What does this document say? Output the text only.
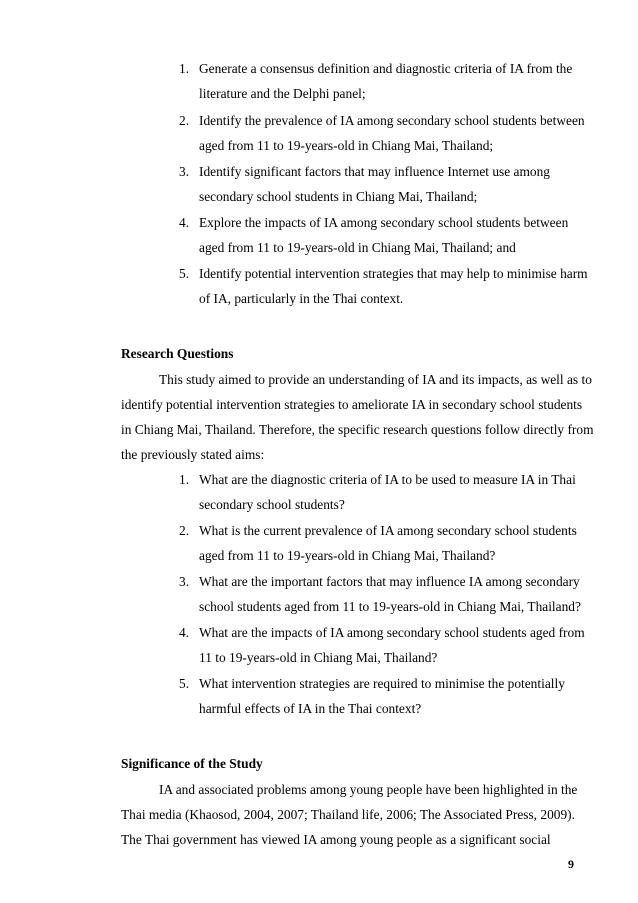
1. Generate a consensus definition and diagnostic criteria of IA from the
literature and the Delphi panel;
2. Identify the prevalence of IA among secondary school students between
aged from 11 to 19-years-old in Chiang Mai, Thailand;
3. Identify significant factors that may influence Internet use among
secondary school students in Chiang Mai, Thailand;
4. Explore the impacts of IA among secondary school students between
aged from 11 to 19-years-old in Chiang Mai, Thailand; and
5. Identify potential intervention strategies that may help to minimise harm
of IA, particularly in the Thai context.
Research Questions
This study aimed to provide an understanding of IA and its impacts, as well as to
identify potential intervention strategies to ameliorate IA in secondary school students
in Chiang Mai, Thailand. Therefore, the specific research questions follow directly from
the previously stated aims:
1. What are the diagnostic criteria of IA to be used to measure IA in Thai
secondary school students?
2. What is the current prevalence of IA among secondary school students
aged from 11 to 19-years-old in Chiang Mai, Thailand?
3. What are the important factors that may influence IA among secondary
school students aged from 11 to 19-years-old in Chiang Mai, Thailand?
4. What are the impacts of IA among secondary school students aged from
11 to 19-years-old in Chiang Mai, Thailand?
5. What intervention strategies are required to minimise the potentially
harmful effects of IA in the Thai context?
Significance of the Study
IA and associated problems among young people have been highlighted in the
Thai media (Khaosod, 2004, 2007; Thailand life, 2006; The Associated Press, 2009).
The Thai government has viewed IA among young people as a significant social
9
